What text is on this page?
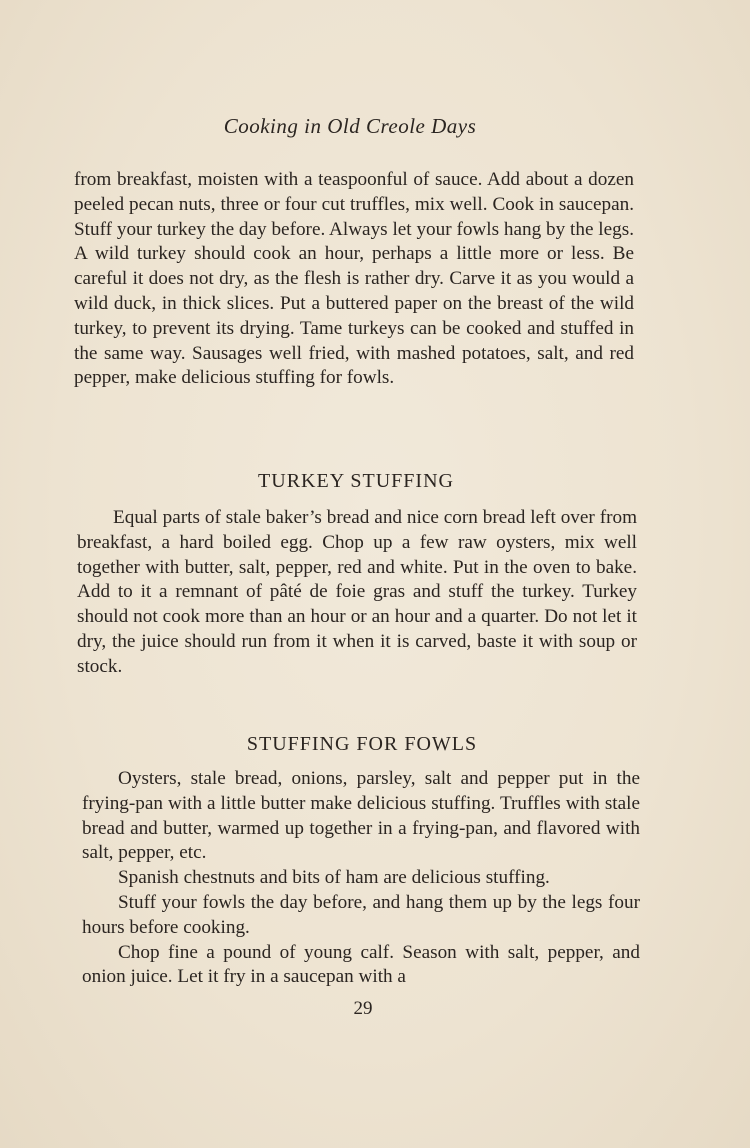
Cooking in Old Creole Days

from breakfast, moisten with a teaspoonful of sauce. Add about a dozen peeled pecan nuts, three or four cut truffles, mix well. Cook in saucepan. Stuff your turkey the day before. Always let your fowls hang by the legs. A wild turkey should cook an hour, perhaps a little more or less. Be careful it does not dry, as the flesh is rather dry. Carve it as you would a wild duck, in thick slices. Put a buttered paper on the breast of the wild turkey, to prevent its drying. Tame turkeys can be cooked and stuffed in the same way. Sausages well fried, with mashed potatoes, salt, and red pepper, make delicious stuffing for fowls.

TURKEY STUFFING

Equal parts of stale baker’s bread and nice corn bread left over from breakfast, a hard boiled egg. Chop up a few raw oysters, mix well together with butter, salt, pepper, red and white. Put in the oven to bake. Add to it a remnant of pâté de foie gras and stuff the turkey. Turkey should not cook more than an hour or an hour and a quarter. Do not let it dry, the juice should run from it when it is carved, baste it with soup or stock.

STUFFING FOR FOWLS

Oysters, stale bread, onions, parsley, salt and pepper put in the frying-pan with a little butter make delicious stuffing. Truffles with stale bread and butter, warmed up together in a frying-pan, and flavored with salt, pepper, etc.

Spanish chestnuts and bits of ham are delicious stuffing.

Stuff your fowls the day before, and hang them up by the legs four hours before cooking.

Chop fine a pound of young calf. Season with salt, pepper, and onion juice. Let it fry in a saucepan with a

29
